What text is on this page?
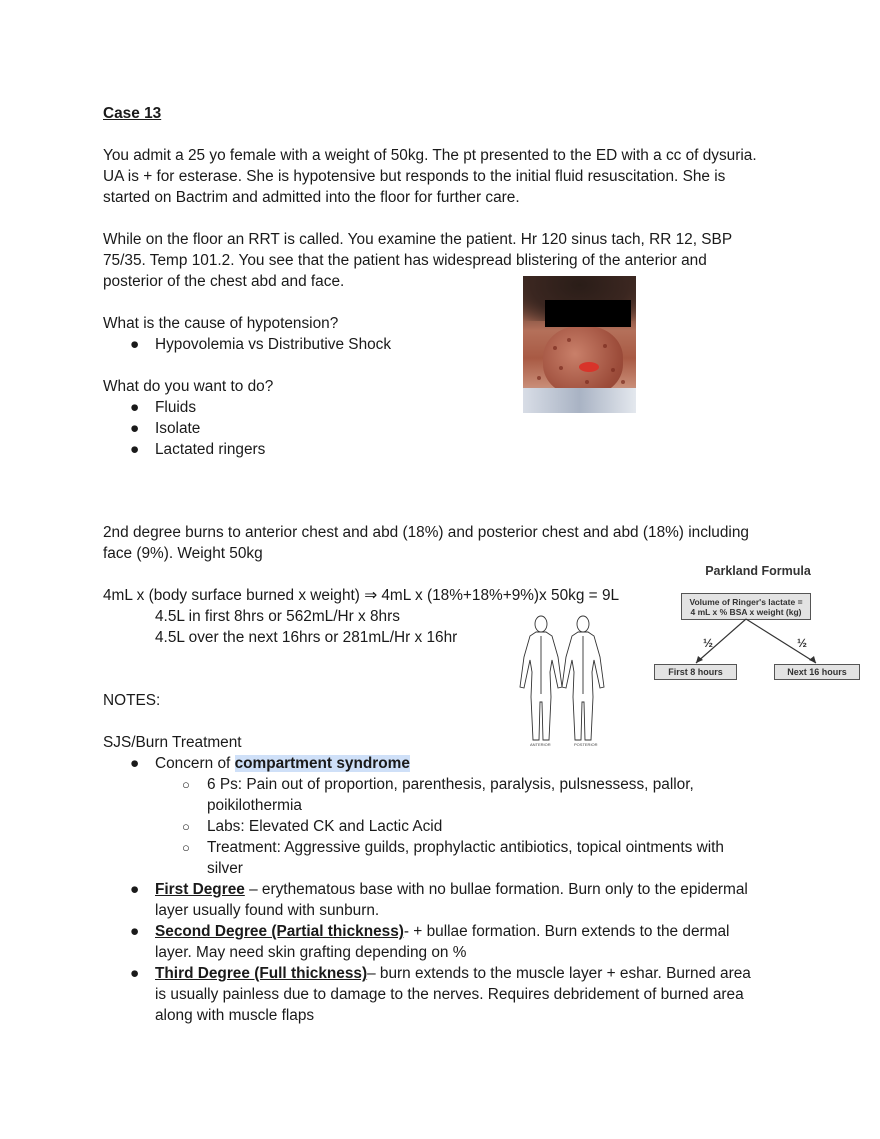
Case 13
You admit a 25 yo female with a weight of 50kg. The pt presented to the ED with a cc of dysuria.
UA is + for esterase. She is hypotensive but responds to the initial fluid resuscitation. She is
started on Bactrim and admitted into the floor for further care.
While on the floor an RRT is called. You examine the patient. Hr 120 sinus tach, RR 12, SBP
75/35. Temp 101.2. You see that the patient has widespread blistering of the anterior and
posterior of the chest abd and face.
What is the cause of hypotension?
● Hypovolemia vs Distributive Shock
What do you want to do?
● Fluids
● Isolate
● Lactated ringers
2nd degree burns to anterior chest and abd (18%) and posterior chest and abd (18%) including
face (9%). Weight 50kg
4mL x (body surface burned x weight) ⇒ 4mL x (18%+18%+9%)x 50kg = 9L
4.5L in first 8hrs or 562mL/Hr x 8hrs
4.5L over the next 16hrs or 281mL/Hr x 16hr
Parkland Formula
Volume of Ringer's lactate =
4 mL x % BSA x weight (kg)
½	½
First 8 hours	Next 16 hours
ANTERIOR	POSTERIOR
NOTES:
SJS/Burn Treatment
● Concern of compartment syndrome
○ 6 Ps: Pain out of proportion, parenthesis, paralysis, pulsnessess, pallor,
poikilothermia
○ Labs: Elevated CK and Lactic Acid
○ Treatment: Aggressive guilds, prophylactic antibiotics, topical ointments with
silver
● First Degree – erythematous base with no bullae formation. Burn only to the epidermal
layer usually found with sunburn.
● Second Degree (Partial thickness)- + bullae formation. Burn extends to the dermal
layer. May need skin grafting depending on %
● Third Degree (Full thickness)– burn extends to the muscle layer + eshar. Burned area
is usually painless due to damage to the nerves. Requires debridement of burned area
along with muscle flaps
